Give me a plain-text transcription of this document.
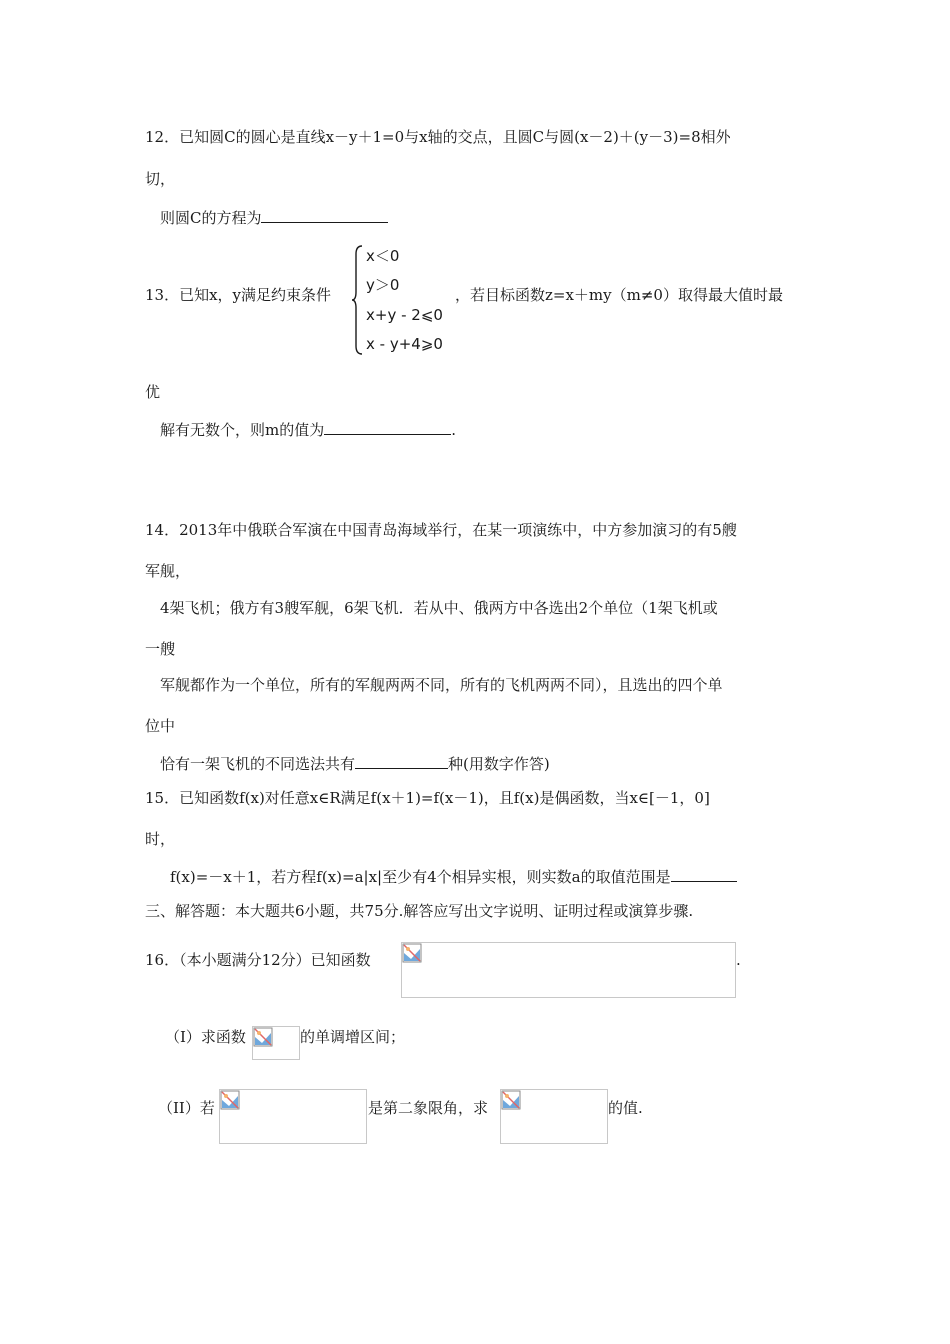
12．已知圆C的圆心是直线x－y＋1=0与x轴的交点，且圆C与圆(x－2)＋(y－3)=8相外
切，
则圆C的方程为
13．已知x，y满足约束条件
x＜0
y＞0
x+y - 2⩽0
x - y+4⩾0
，若目标函数z=x＋my（m≠0）取得最大值时最
优
解有无数个，则m的值为	.
14．2013年中俄联合军演在中国青岛海域举行，在某一项演练中，中方参加演习的有5艘
军舰，
4架飞机；俄方有3艘军舰，6架飞机．若从中、俄两方中各选出2个单位（1架飞机或
一艘
军舰都作为一个单位，所有的军舰两两不同，所有的飞机两两不同），且选出的四个单
位中
恰有一架飞机的不同选法共有	种(用数字作答)
15．已知函数f(x)对任意x∈R满足f(x＋1)=f(x－1)，且f(x)是偶函数，当x∈[－1，0]
时，
f(x)=－x＋1，若方程f(x)=a|x|至少有4个相异实根，则实数a的取值范围是
三、解答题：本大题共6小题，共75分.解答应写出文字说明、证明过程或演算步骤.
16．（本小题满分12分）已知函数	.
（I）求函数	的单调增区间；
（II）若	是第二象限角，求	的值.
